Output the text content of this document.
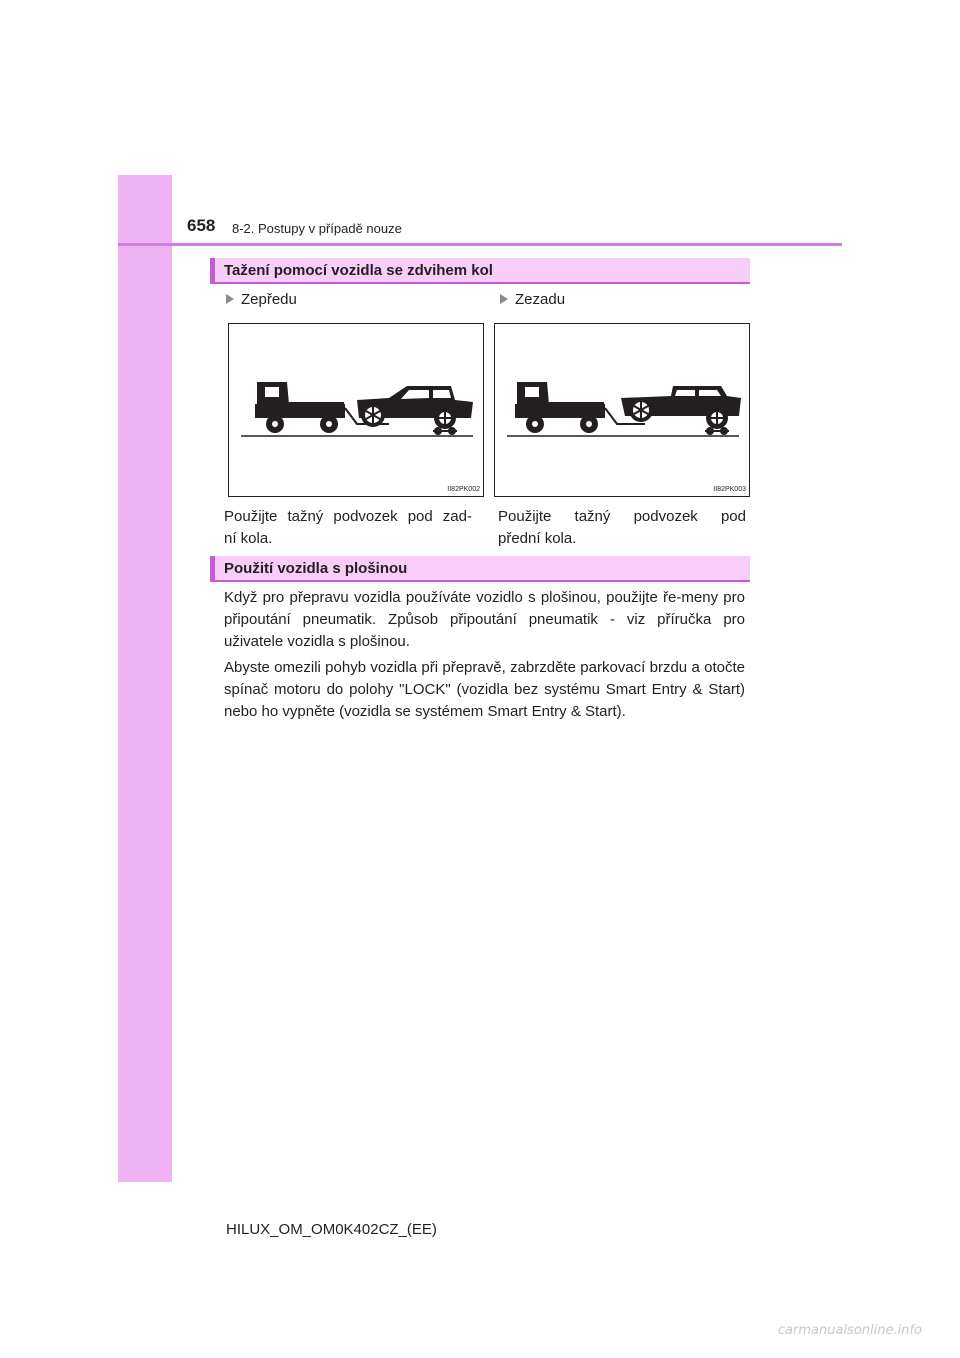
658 8-2. Postupy v případě nouze
Tažení pomocí vozidla se zdvihem kol
Zepředu	Zezadu
II82PK002	II82PK003
Použijte tažný podvozek pod zad-
ní kola.
Použijte tažný podvozek pod
přední kola.
Použití vozidla s plošinou

Když pro přepravu vozidla používáte vozidlo s plošinou, použijte ře-meny pro připoutání pneumatik. Způsob připoutání pneumatik - viz příručka pro uživatele vozidla s plošinou.

Abyste omezili pohyb vozidla při přepravě, zabrzděte parkovací brzdu a otočte spínač motoru do polohy "LOCK" (vozidla bez systému Smart Entry & Start) nebo ho vypněte (vozidla se systémem Smart Entry & Start).

HILUX_OM_OM0K402CZ_(EE)
carmanualsonline.info
